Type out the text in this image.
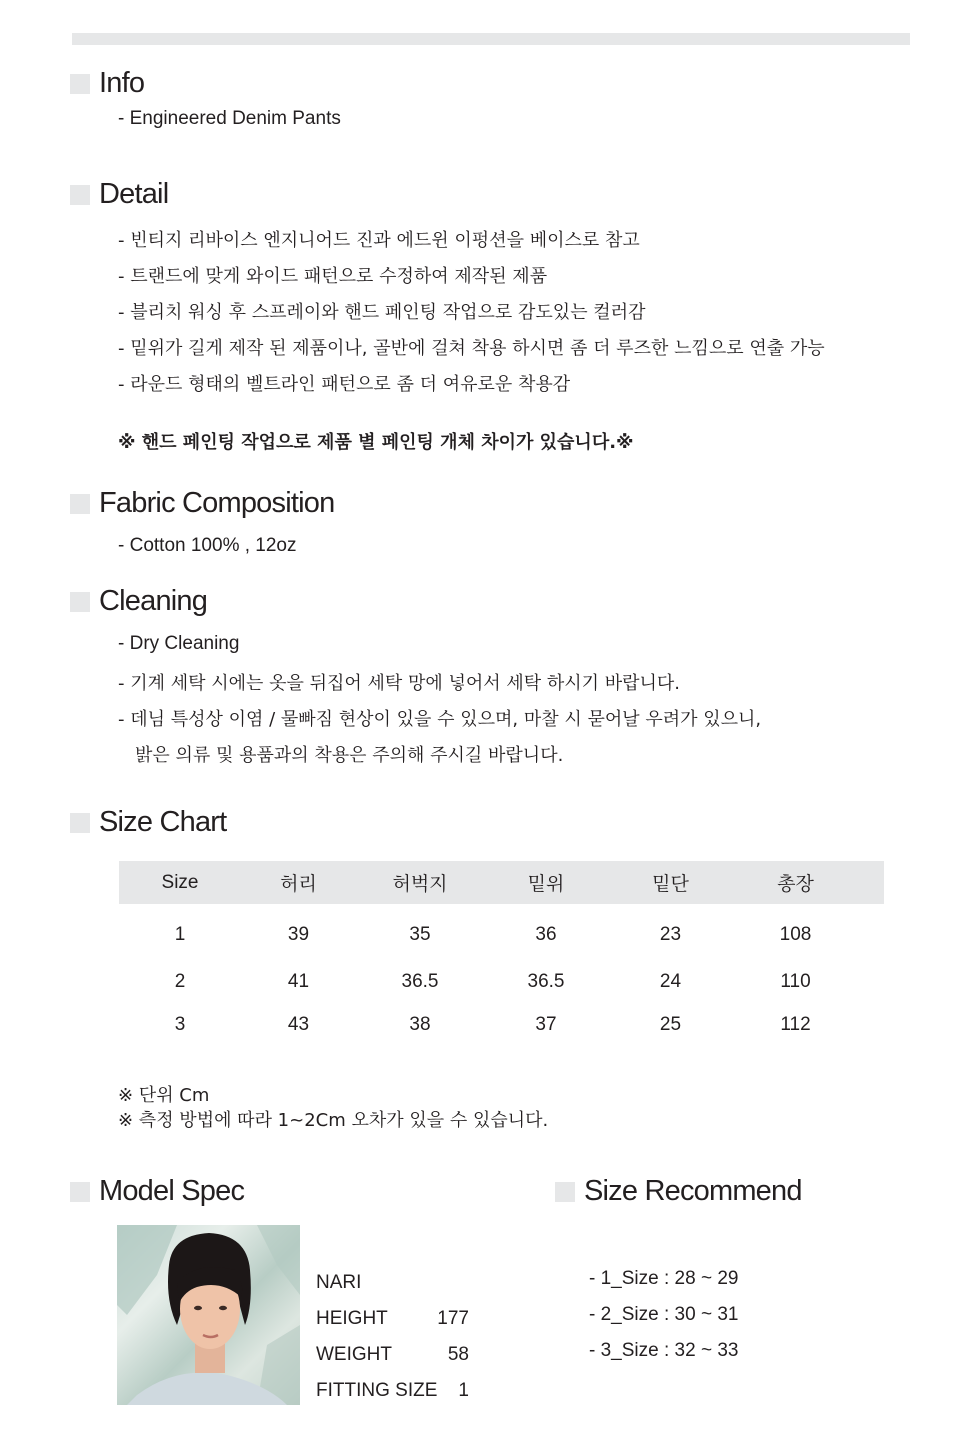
Info
- Engineered Denim Pants
Detail
- 빈티지 리바이스 엔지니어드 진과 에드윈 이펑션을 베이스로 참고
- 트랜드에 맞게 와이드 패턴으로 수정하여 제작된 제품
- 블리치 워싱 후 스프레이와 핸드 페인팅 작업으로 감도있는 컬러감
- 밑위가 길게 제작 된 제품이나, 골반에 걸쳐 착용 하시면 좀 더 루즈한 느낌으로 연출 가능
- 라운드 형태의 벨트라인 패턴으로 좀 더 여유로운 착용감
※ 핸드 페인팅 작업으로 제품 별 페인팅 개체 차이가 있습니다.※
Fabric Composition
- Cotton 100% , 12oz
Cleaning
- Dry Cleaning
- 기계 세탁 시에는 옷을 뒤집어 세탁 망에 넣어서 세탁 하시기 바랍니다.
- 데님 특성상 이염 / 물빠짐 현상이 있을 수 있으며, 마찰 시 묻어날 우려가 있으니,
밝은 의류 및 용품과의 착용은 주의해 주시길 바랍니다.
Size Chart
Size	허리	허벅지	밑위	밑단	총장
1	39	35	36	23	108
2	41	36.5	36.5	24	110
3	43	38	37	25	112
※ 단위 Cm
※ 측정 방법에 따라 1~2Cm 오차가 있을 수 있습니다.
Model Spec
NARI
HEIGHT	177
WEIGHT	58
FITTING SIZE	1
Size Recommend
- 1_Size : 28 ~ 29
- 2_Size : 30 ~ 31
- 3_Size : 32 ~ 33
